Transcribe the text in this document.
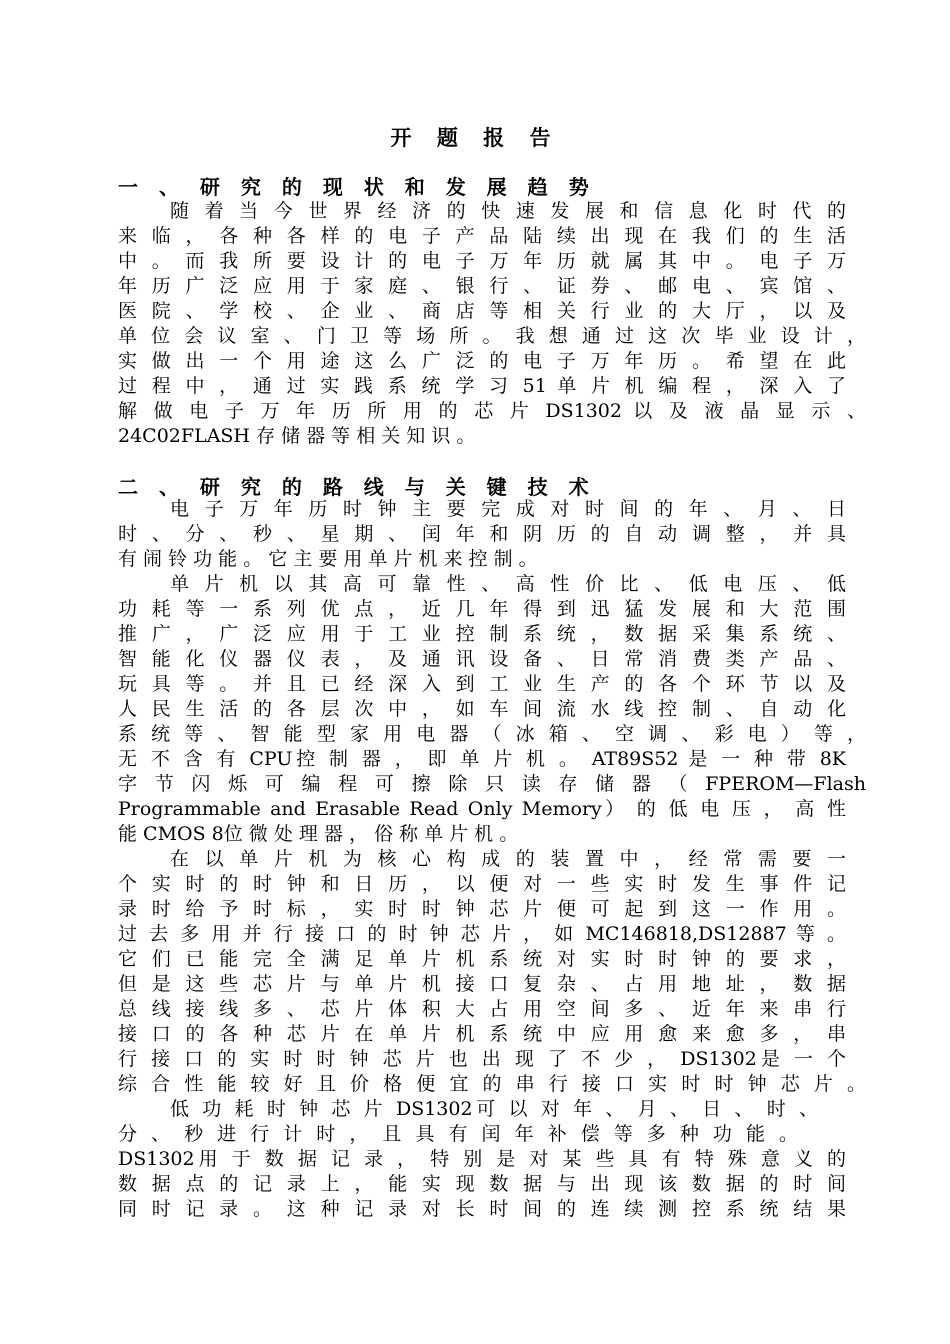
开 题 报 告
一 、 研 究 的 现 状 和 发 展 趋 势
随 着 当 今 世 界 经 济 的 快 速 发 展 和 信 息 化 时 代 的
来 临 ， 各 种 各 样 的 电 子 产 品 陆 续 出 现 在 我 们 的 生 活
中 。 而 我 所 要 设 计 的 电 子 万 年 历 就 属 其 中 。 电 子 万
年 历 广 泛 应 用 于 家 庭 、 银 行 、 证 券 、 邮 电 、 宾 馆 、
医 院 、 学 校 、 企 业 、 商 店 等 相 关 行 业 的 大 厅 ， 以 及
单 位 会 议 室 、 门 卫 等 场 所 。 我 想 通 过 这 次 毕 业 设 计 ，
实 做 出 一 个 用 途 这 么 广 泛 的 电 子 万 年 历 。 希 望 在 此
过 程 中 ， 通 过 实 践 系 统 学 习 51 单 片 机 编 程 ， 深 入 了
解 做 电 子 万 年 历 所 用 的 芯 片 DS1302 以 及 液 晶 显 示 、
24C02FLASH 存 储 器 等 相 关 知 识 。
二 、 研 究 的 路 线 与 关 键 技 术
电 子 万 年 历 时 钟 主 要 完 成 对 时 间 的 年 、 月 、 日
时 、 分 、 秒 、 星 期 、 闰 年 和 阴 历 的 自 动 调 整 ， 并 具
有 闹 铃 功 能 。 它 主 要 用 单 片 机 来 控 制 。
单 片 机 以 其 高 可 靠 性 、 高 性 价 比 、 低 电 压 、 低
功 耗 等 一 系 列 优 点 ， 近 几 年 得 到 迅 猛 发 展 和 大 范 围
推 广 ， 广 泛 应 用 于 工 业 控 制 系 统 ， 数 据 采 集 系 统 、
智 能 化 仪 器 仪 表 ， 及 通 讯 设 备 、 日 常 消 费 类 产 品 、
玩 具 等 。 并 且 已 经 深 入 到 工 业 生 产 的 各 个 环 节 以 及
人 民 生 活 的 各 层 次 中 ， 如 车 间 流 水 线 控 制 、 自 动 化
系 统 等 、 智 能 型 家 用 电 器 （ 冰 箱 、 空 调 、 彩 电 ） 等 ，
无 不 含 有 CPU控 制 器 ， 即 单 片 机 。 AT89S52 是 一 种 带 8K
字 节 闪 烁 可 编 程 可 擦 除 只 读 存 储 器 （ FPEROM—Flash
Programmable and Erasable Read Only Memory） 的 低 电 压 ， 高 性
能 CMOS 8位 微 处 理 器 ， 俗 称 单 片 机 。
在 以 单 片 机 为 核 心 构 成 的 装 置 中 ， 经 常 需 要 一
个 实 时 的 时 钟 和 日 历 ， 以 便 对 一 些 实 时 发 生 事 件 记
录 时 给 予 时 标 ， 实 时 时 钟 芯 片 便 可 起 到 这 一 作 用 。
过 去 多 用 并 行 接 口 的 时 钟 芯 片 ， 如 MC146818,DS12887 等 。
它 们 已 能 完 全 满 足 单 片 机 系 统 对 实 时 时 钟 的 要 求 ，
但 是 这 些 芯 片 与 单 片 机 接 口 复 杂 、 占 用 地 址 ， 数 据
总 线 接 线 多 、 芯 片 体 积 大 占 用 空 间 多 、 近 年 来 串 行
接 口 的 各 种 芯 片 在 单 片 机 系 统 中 应 用 愈 来 愈 多 ， 串
行 接 口 的 实 时 时 钟 芯 片 也 出 现 了 不 少 ， DS1302是 一 个
综 合 性 能 较 好 且 价 格 便 宜 的 串 行 接 口 实 时 时 钟 芯 片 。
低 功 耗 时 钟 芯 片 DS1302可 以 对 年 、 月 、 日 、 时 、
分 、 秒 进 行 计 时 ， 且 具 有 闰 年 补 偿 等 多 种 功 能 。
DS1302用 于 数 据 记 录 ， 特 别 是 对 某 些 具 有 特 殊 意 义 的
数 据 点 的 记 录 上 ， 能 实 现 数 据 与 出 现 该 数 据 的 时 间
同 时 记 录 。 这 种 记 录 对 长 时 间 的 连 续 测 控 系 统 结 果
